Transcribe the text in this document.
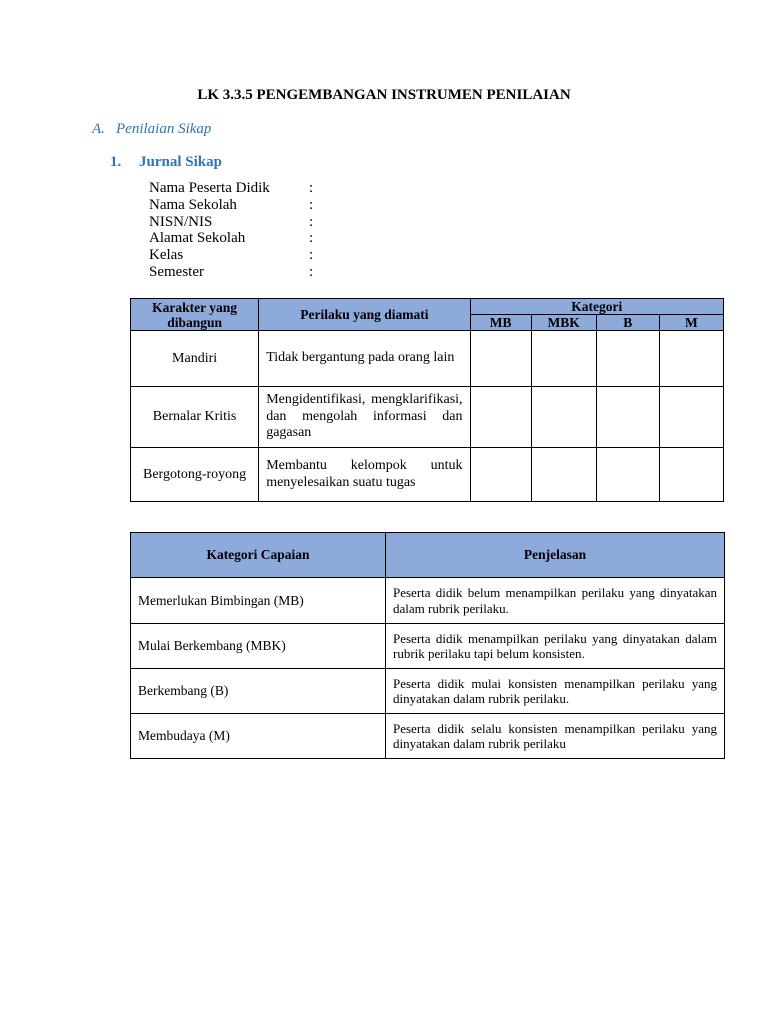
LK 3.3.5 PENGEMBANGAN INSTRUMEN PENILAIAN
A. Penilaian Sikap
1. Jurnal Sikap
Nama Peserta Didik	:
Nama Sekolah	:
NISN/NIS	:
Alamat Sekolah	:
Kelas	:
Semester	:
Karakter yang dibangun	Perilaku yang diamati	Kategori			
		MB	MBK	B	M
Mandiri	Tidak bergantung pada orang lain				
Bernalar Kritis	Mengidentifikasi, mengklarifikasi, dan mengolah informasi dan gagasan				
Bergotong-royong	Membantu kelompok untuk menyelesaikan suatu tugas				
Kategori Capaian	Penjelasan
Memerlukan Bimbingan (MB)	Peserta didik belum menampilkan perilaku yang dinyatakan dalam rubrik perilaku.
Mulai Berkembang (MBK)	Peserta didik menampilkan perilaku yang dinyatakan dalam rubrik perilaku tapi belum konsisten.
Berkembang (B)	Peserta didik mulai konsisten menampilkan perilaku yang dinyatakan dalam rubrik perilaku.
Membudaya (M)	Peserta didik selalu konsisten menampilkan perilaku yang dinyatakan dalam rubrik perilaku
